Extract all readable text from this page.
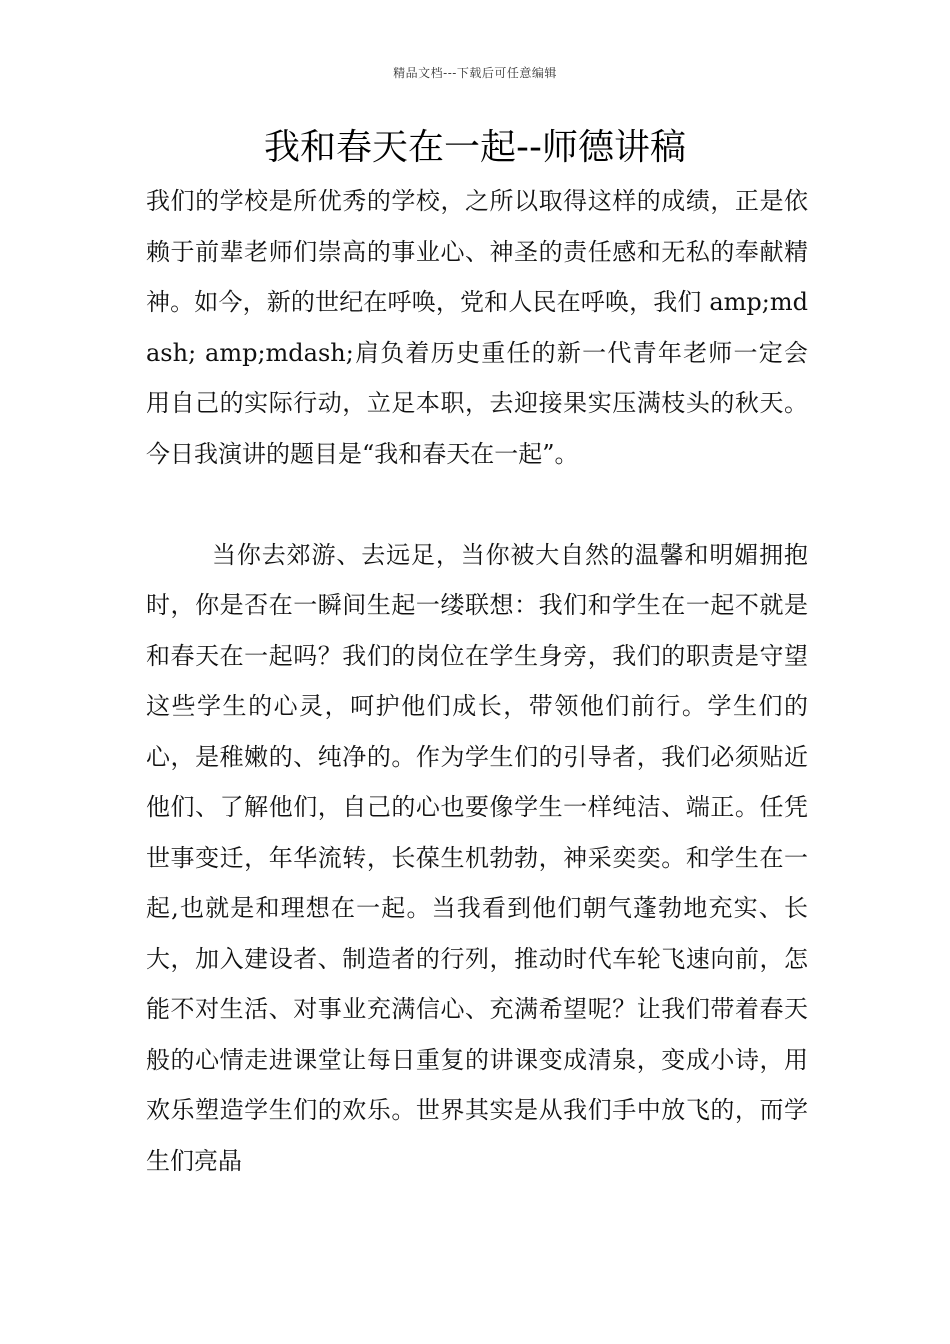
精品文档---下载后可任意编辑
我和春天在一起--师德讲稿

我们的学校是所优秀的学校，之所以取得这样的成绩，正是依赖于前辈老师们崇高的事业心、神圣的责任感和无私的奉献精神。如今，新的世纪在呼唤，党和人民在呼唤，我们 amp;mdash; amp;mdash;肩负着历史重任的新一代青年老师一定会用自己的实际行动，立足本职，去迎接果实压满枝头的秋天。今日我演讲的题目是“我和春天在一起”。

当你去郊游、去远足，当你被大自然的温馨和明媚拥抱时，你是否在一瞬间生起一缕联想：我们和学生在一起不就是和春天在一起吗？我们的岗位在学生身旁，我们的职责是守望这些学生的心灵，呵护他们成长，带领他们前行。学生们的心，是稚嫩的、纯净的。作为学生们的引导者，我们必须贴近他们、了解他们，自己的心也要像学生一样纯洁、端正。任凭世事变迁，年华流转，长葆生机勃勃，神采奕奕。和学生在一起,也就是和理想在一起。当我看到他们朝气蓬勃地充实、长大，加入建设者、制造者的行列，推动时代车轮飞速向前，怎能不对生活、对事业充满信心、充满希望呢？让我们带着春天般的心情走进课堂让每日重复的讲课变成清泉，变成小诗，用欢乐塑造学生们的欢乐。世界其实是从我们手中放飞的，而学生们亮晶
